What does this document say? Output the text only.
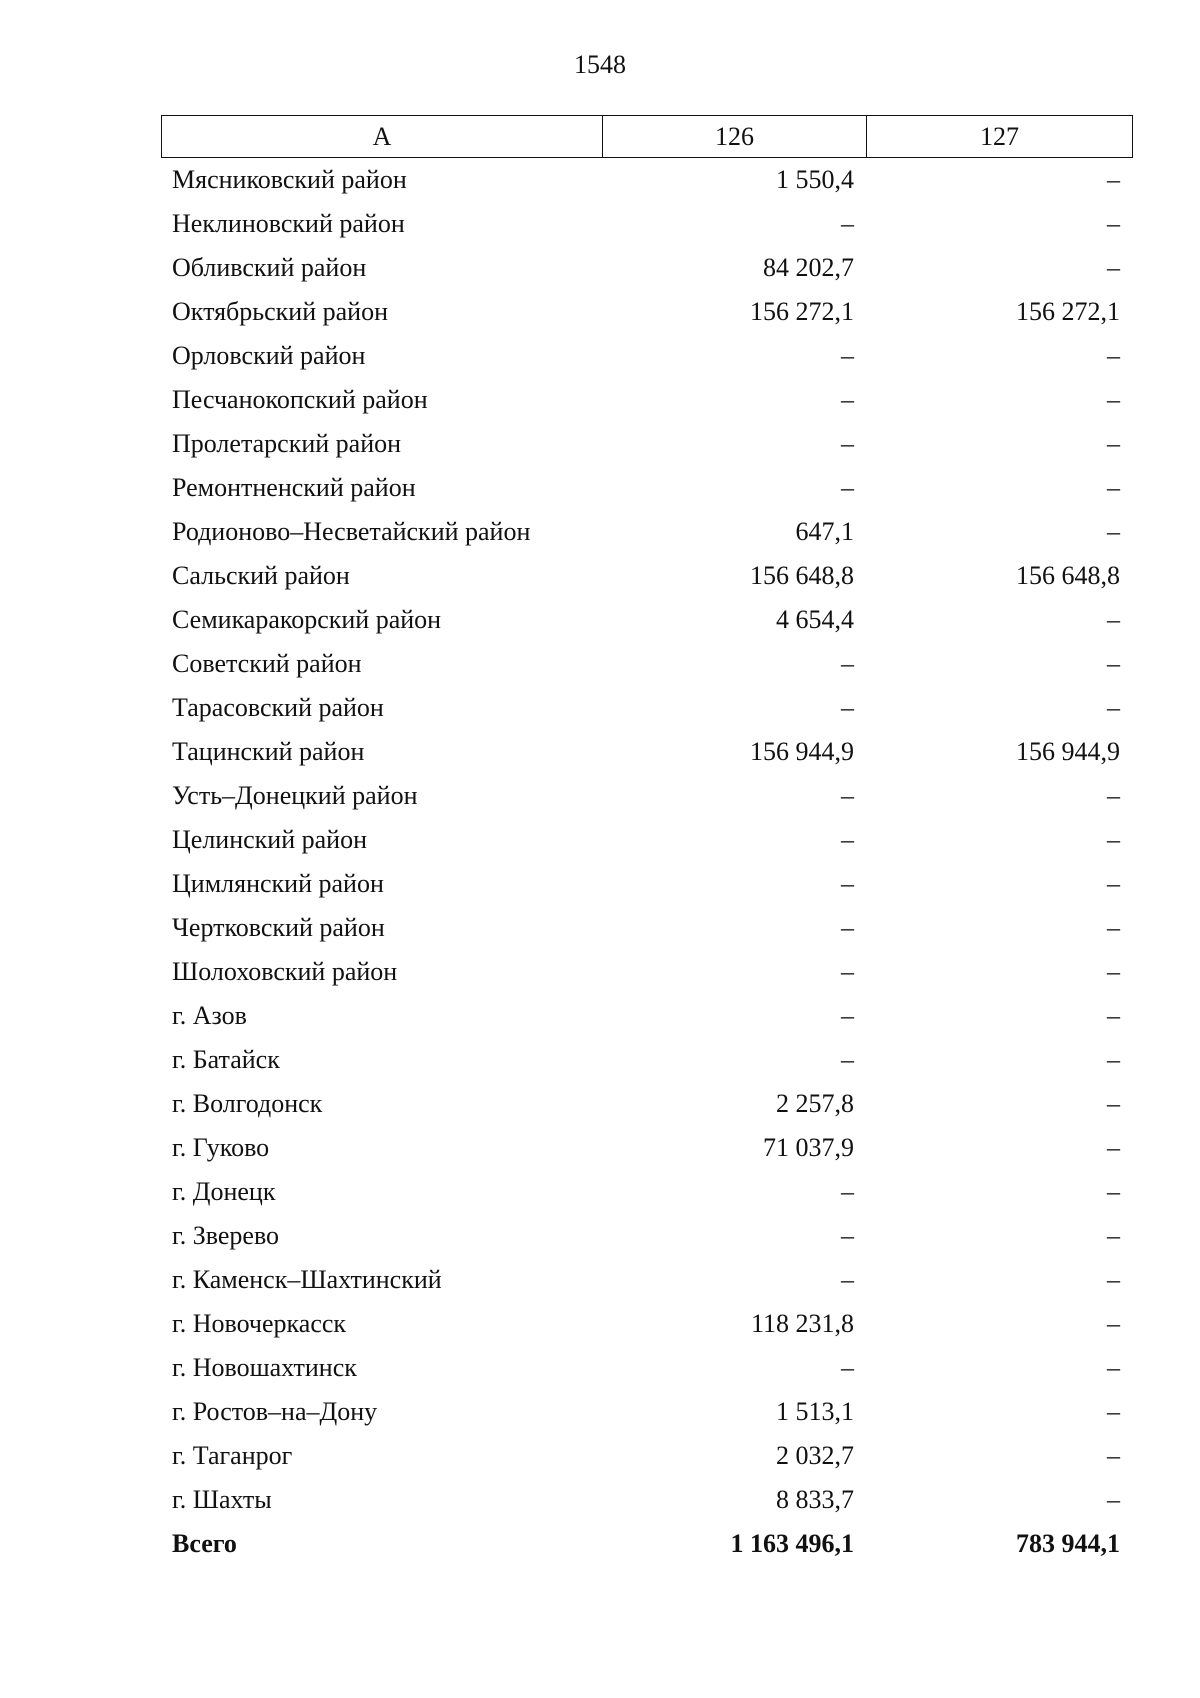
1548
А	126	127
Мясниковский район	1 550,4	–
Неклиновский район	–	–
Обливский район	84 202,7	–
Октябрьский район	156 272,1	156 272,1
Орловский район	–	–
Песчанокопский район	–	–
Пролетарский район	–	–
Ремонтненский район	–	–
Родионово–Несветайский район	647,1	–
Сальский район	156 648,8	156 648,8
Семикаракорский район	4 654,4	–
Советский район	–	–
Тарасовский район	–	–
Тацинский район	156 944,9	156 944,9
Усть–Донецкий район	–	–
Целинский район	–	–
Цимлянский район	–	–
Чертковский район	–	–
Шолоховский район	–	–
г. Азов	–	–
г. Батайск	–	–
г. Волгодонск	2 257,8	–
г. Гуково	71 037,9	–
г. Донецк	–	–
г. Зверево	–	–
г. Каменск–Шахтинский	–	–
г. Новочеркасск	118 231,8	–
г. Новошахтинск	–	–
г. Ростов–на–Дону	1 513,1	–
г. Таганрог	2 032,7	–
г. Шахты	8 833,7	–
Всего	1 163 496,1	783 944,1
